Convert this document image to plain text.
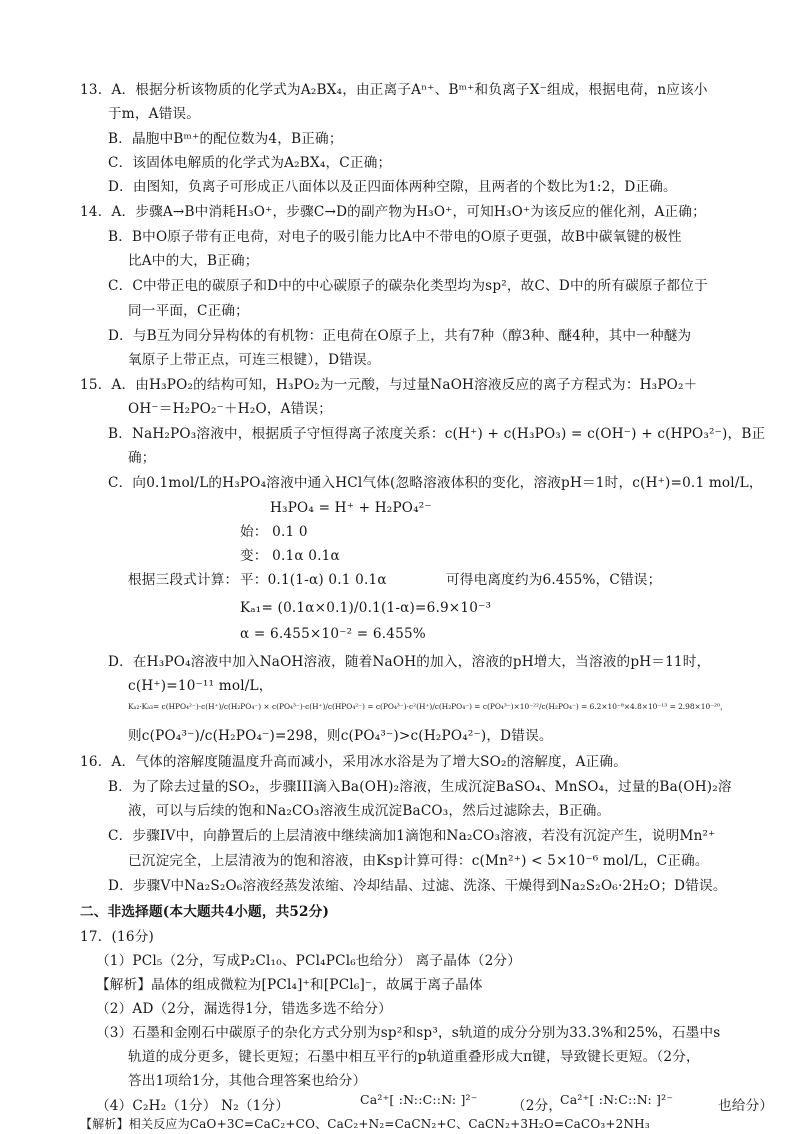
13．A．根据分析该物质的化学式为A₂BX₄，由正离子Aⁿ⁺、Bᵐ⁺和负离子X⁻组成，根据电荷，n应该小
于m，A错误。
B．晶胞中Bᵐ⁺的配位数为4，B正确；
C．该固体电解质的化学式为A₂BX₄，C正确；
D．由图知，负离子可形成正八面体以及正四面体两种空隙，且两者的个数比为1:2，D正确。
14．A．步骤A→B中消耗H₃O⁺，步骤C→D的副产物为H₃O⁺，可知H₃O⁺为该反应的催化剂，A正确；
B．B中O原子带有正电荷，对电子的吸引能力比A中不带电的O原子更强，故B中碳氧键的极性
比A中的大，B正确；
C．C中带正电的碳原子和D中的中心碳原子的碳杂化类型均为sp²，故C、D中的所有碳原子都位于
同一平面，C正确；
D．与B互为同分异构体的有机物：正电荷在O原子上，共有7种（醇3种、醚4种，其中一种醚为
氧原子上带正点，可连三根键），D错误。
15．A．由H₃PO₂的结构可知，H₃PO₂为一元酸，与过量NaOH溶液反应的离子方程式为：H₃PO₂＋
OH⁻＝H₂PO₂⁻＋H₂O，A错误；
B．NaH₂PO₃溶液中，根据质子守恒得离子浓度关系：c(H⁺) + c(H₃PO₃) = c(OH⁻) + c(HPO₃²⁻)，B正
确；
C．向0.1mol/L的H₃PO₄溶液中通入HCl气体(忽略溶液体积的变化，溶液pH＝1时，c(H⁺)=0.1 mol/L，
H₃PO₄ = H⁺ + H₂PO₄²⁻
始： 0.1 0
变： 0.1α 0.1α
根据三段式计算： 平：0.1(1-α) 0.1 0.1α	可得电离度约为6.455%，C错误；
Kₐ₁= (0.1α×0.1)/0.1(1-α)=6.9×10⁻³
α = 6.455×10⁻² = 6.455%
D．在H₃PO₄溶液中加入NaOH溶液，随着NaOH的加入，溶液的pH增大，当溶液的pH＝11时，
c(H⁺)=10⁻¹¹ mol/L，
Kₐ₂·Kₐ₃= c(HPO₄²⁻)·c(H⁺)/c(H₂PO₄⁻) × c(PO₄³⁻)·c(H⁺)/c(HPO₄²⁻) = c(PO₄³⁻)·c²(H⁺)/c(H₂PO₄⁻) = c(PO₄³⁻)×10⁻²²/c(H₂PO₄⁻) = 6.2×10⁻⁸×4.8×10⁻¹³ = 2.98×10⁻²⁰，
则c(PO₄³⁻)/c(H₂PO₄⁻)=298，则c(PO₄³⁻)>c(H₂PO₄²⁻)，D错误。
16．A．气体的溶解度随温度升高而减小，采用冰水浴是为了增大SO₂的溶解度，A正确。
B．为了除去过量的SO₂，步骤III滴入Ba(OH)₂溶液，生成沉淀BaSO₄、MnSO₄，过量的Ba(OH)₂溶
液，可以与后续的饱和Na₂CO₃溶液生成沉淀BaCO₃，然后过滤除去，B正确。
C．步骤IV中，向静置后的上层清液中继续滴加1滴饱和Na₂CO₃溶液，若没有沉淀产生，说明Mn²⁺
已沉淀完全，上层清液为的饱和溶液，由Ksp计算可得：c(Mn²⁺) < 5×10⁻⁶ mol/L，C正确。
D．步骤V中Na₂S₂O₆溶液经蒸发浓缩、冷却结晶、过滤、洗涤、干燥得到Na₂S₂O₆·2H₂O；D错误。
二、非选择题(本大题共4小题，共52分)
17．(16分)
（1）PCl₅（2分，写成P₂Cl₁₀、PCl₄PCl₆也给分） 离子晶体（2分）
【解析】晶体的组成微粒为[PCl₄]⁺和[PCl₆]⁻，故属于离子晶体
（2）AD（2分，漏选得1分，错选多选不给分）
（3）石墨和金刚石中碳原子的杂化方式分别为sp²和sp³，s轨道的成分分别为33.3%和25%，石墨中s
轨道的成分更多，键长更短；石墨中相互平行的p轨道重叠形成大π键，导致键长更短。（2分，
答出1项给1分，其他合理答案也给分）
（4）C₂H₂（1分） N₂（1分）	Ca²⁺[ :N::C::N: ]²⁻	（2分，
Ca²⁺[ :N:C::N: ]²⁻	也给分）
【解析】相关反应为CaO+3C=CaC₂+CO、CaC₂+N₂=CaCN₂+C、CaCN₂+3H₂O=CaCO₃+2NH₃
